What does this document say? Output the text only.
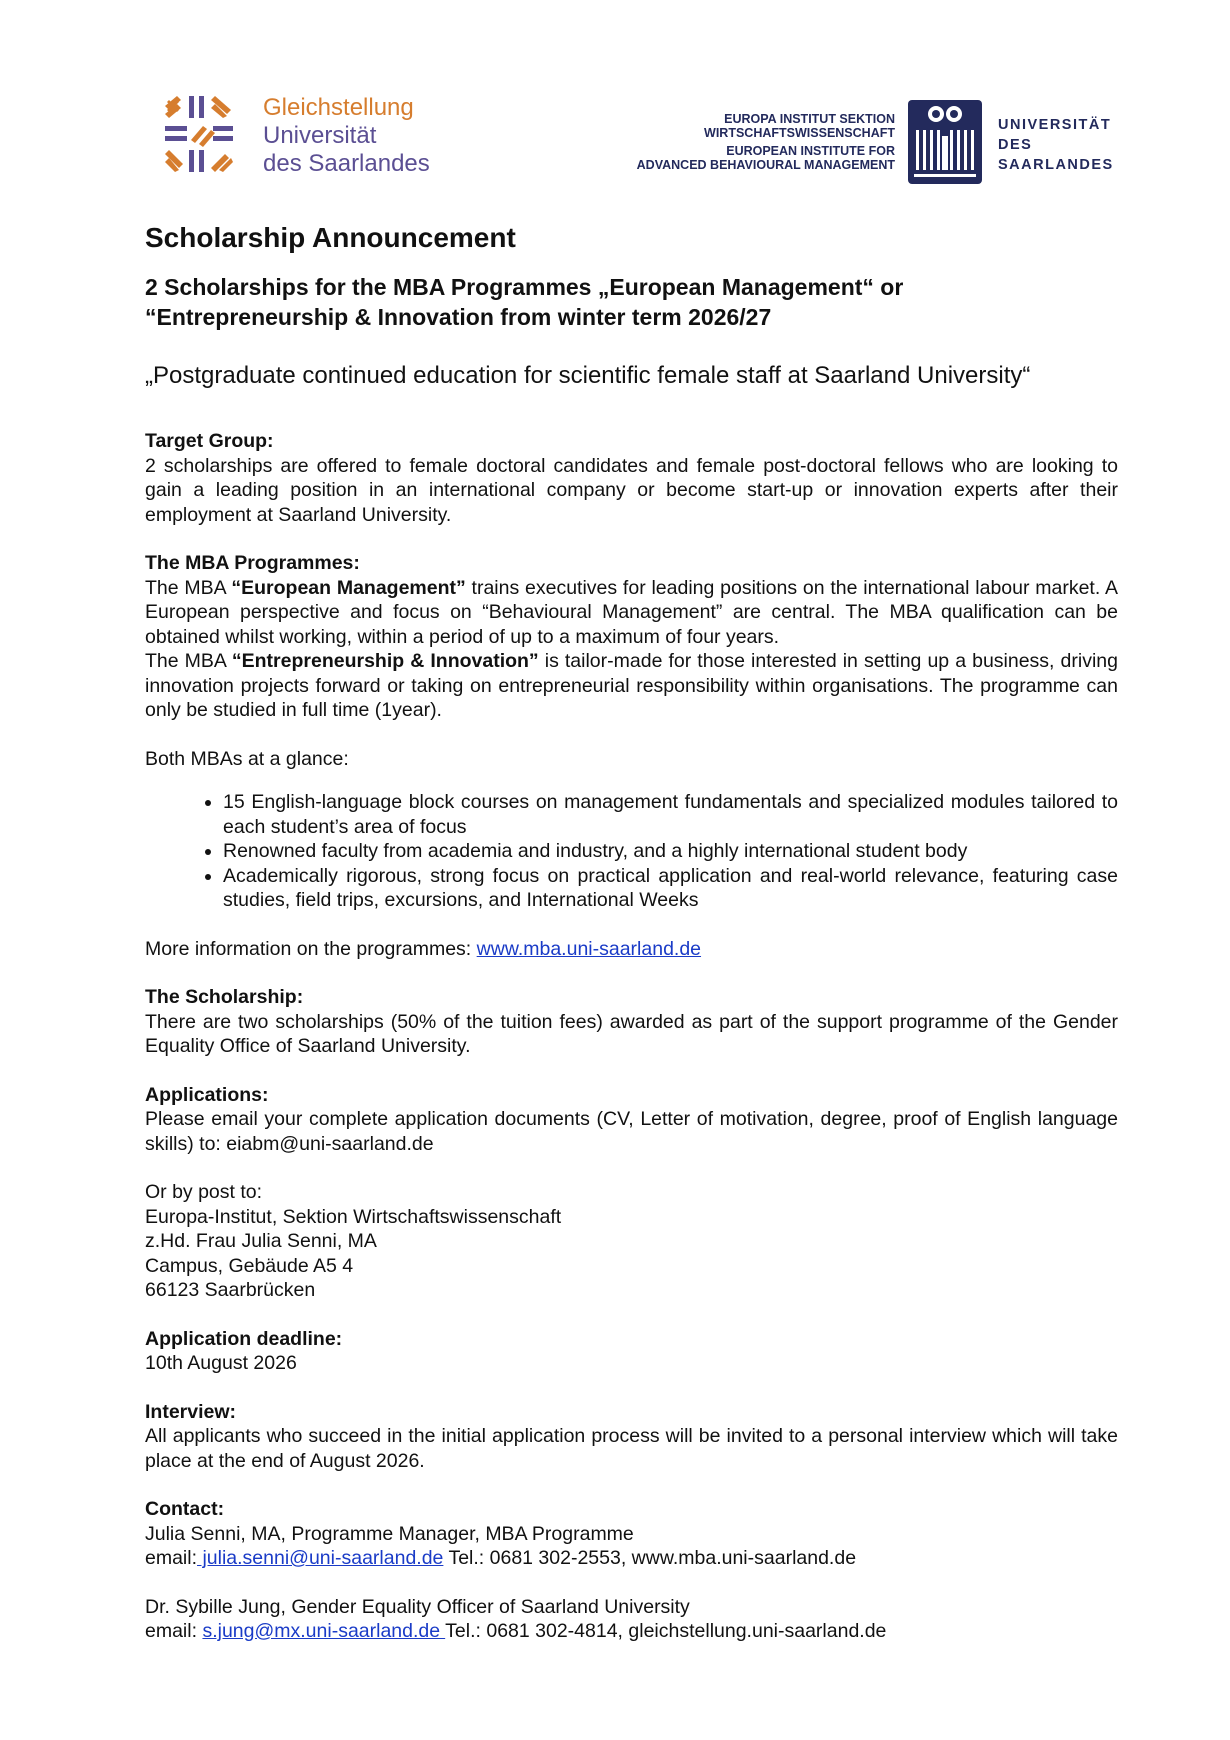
Gleichstellung
Universität
des Saarlandes
EUROPA INSTITUT SEKTION
WIRTSCHAFTSWISSENSCHAFT
EUROPEAN INSTITUTE FOR
ADVANCED BEHAVIOURAL MANAGEMENT
UNIVERSITÄT
DES
SAARLANDES
Scholarship Announcement
2 Scholarships for the MBA Programmes „European Management“ or
“Entrepreneurship & Innovation from winter term 2026/27

„Postgraduate continued education for scientific female staff at Saarland University“

Target Group:

2 scholarships are offered to female doctoral candidates and female post-doctoral fellows who are looking to gain a leading position in an international company or become start-up or innovation experts after their employment at Saarland University.

The MBA Programmes:

The MBA “European Management” trains executives for leading positions on the international labour market. A European perspective and focus on “Behavioural Management” are central. The MBA qualification can be obtained whilst working, within a period of up to a maximum of four years.

The MBA “Entrepreneurship & Innovation” is tailor-made for those interested in setting up a business, driving innovation projects forward or taking on entrepreneurial responsibility within organisations. The programme can only be studied in full time (1year).

Both MBAs at a glance:

• 15 English-language block courses on management fundamentals and specialized modules tailored to each student’s area of focus
• Renowned faculty from academia and industry, and a highly international student body
• Academically rigorous, strong focus on practical application and real-world relevance, featuring case studies, field trips, excursions, and International Weeks

More information on the programmes: www.mba.uni-saarland.de

The Scholarship:

There are two scholarships (50% of the tuition fees) awarded as part of the support programme of the Gender Equality Office of Saarland University.

Applications:

Please email your complete application documents (CV, Letter of motivation, degree, proof of English language skills) to: eiabm@uni-saarland.de

Or by post to:

Europa-Institut, Sektion Wirtschaftswissenschaft

z.Hd. Frau Julia Senni, MA

Campus, Gebäude A5 4

66123 Saarbrücken

Application deadline:

10th August 2026

Interview:

All applicants who succeed in the initial application process will be invited to a personal interview which will take place at the end of August 2026.

Contact:

Julia Senni, MA, Programme Manager, MBA Programme

email: julia.senni@uni-saarland.de Tel.: 0681 302-2553, www.mba.uni-saarland.de

Dr. Sybille Jung, Gender Equality Officer of Saarland University

email: s.jung@mx.uni-saarland.de Tel.: 0681 302-4814, gleichstellung.uni-saarland.de
